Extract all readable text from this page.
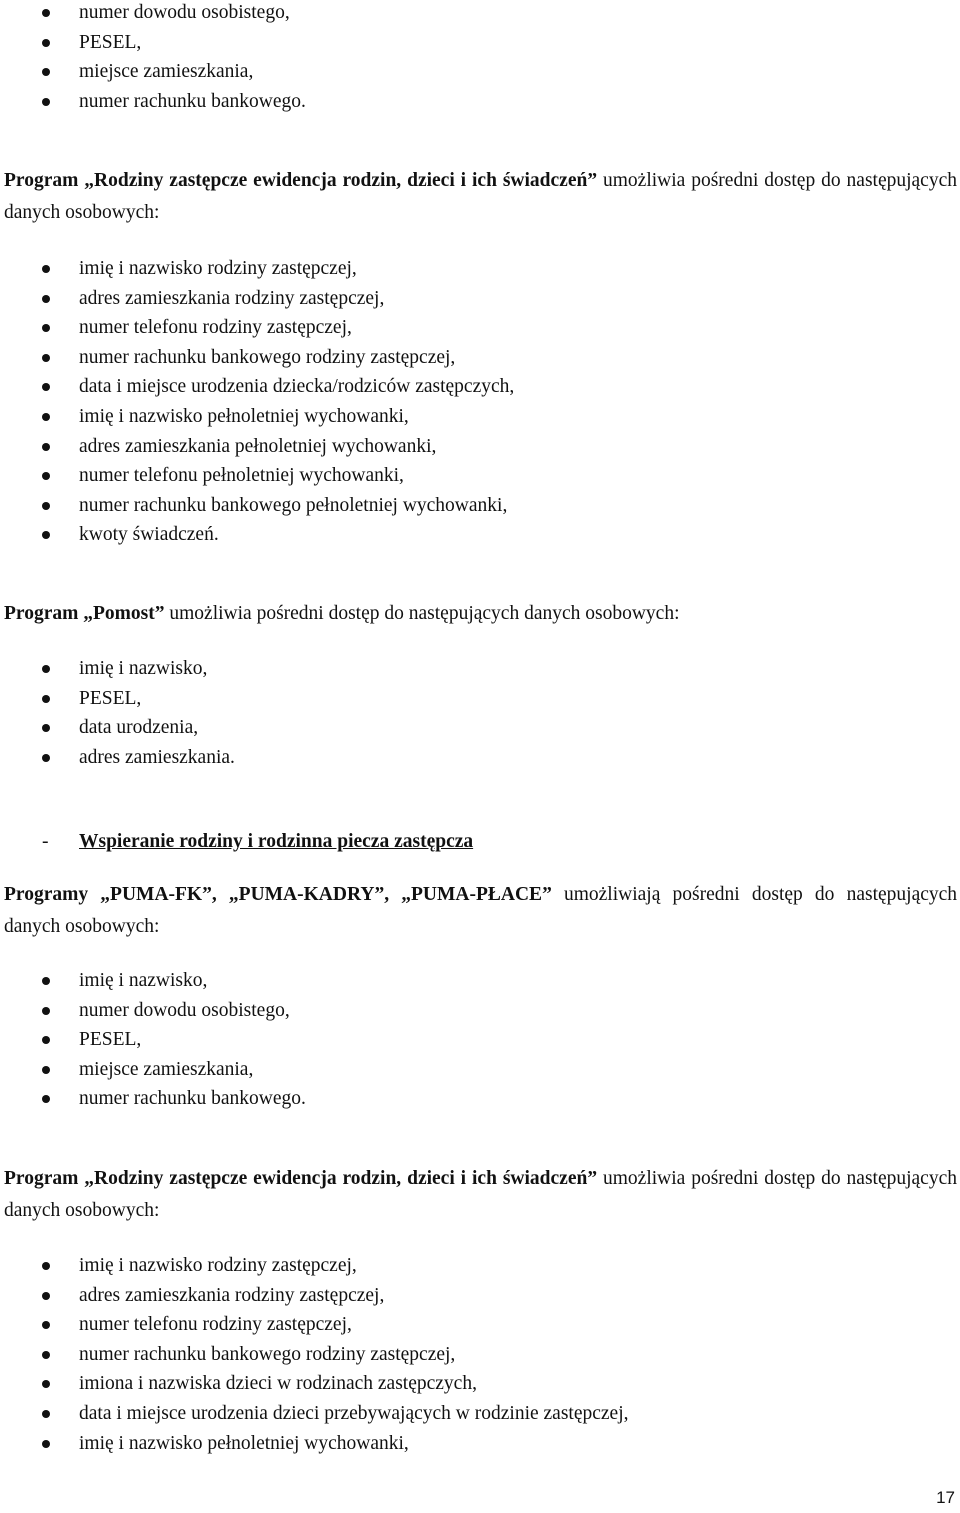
numer dowodu osobistego,
PESEL,
miejsce zamieszkania,
numer rachunku bankowego.

Program „Rodziny zastępcze ewidencja rodzin, dzieci i ich świadczeń” umożliwia pośredni dostęp do następujących danych osobowych:

imię i nazwisko rodziny zastępczej,
adres zamieszkania rodziny zastępczej,
numer telefonu rodziny zastępczej,
numer rachunku bankowego rodziny zastępczej,
data i miejsce urodzenia dziecka/rodziców zastępczych,
imię i nazwisko pełnoletniej wychowanki,
adres zamieszkania pełnoletniej wychowanki,
numer telefonu pełnoletniej wychowanki,
numer rachunku bankowego pełnoletniej wychowanki,
kwoty świadczeń.

Program „Pomost” umożliwia pośredni dostęp do następujących danych osobowych:

imię i nazwisko,
PESEL,
data urodzenia,
adres zamieszkania.
- Wspieranie rodziny i rodzinna piecza zastępcza

Programy „PUMA-FK”, „PUMA-KADRY”, „PUMA-PŁACE” umożliwiają pośredni dostęp do następujących danych osobowych:

imię i nazwisko,
numer dowodu osobistego,
PESEL,
miejsce zamieszkania,
numer rachunku bankowego.

Program „Rodziny zastępcze ewidencja rodzin, dzieci i ich świadczeń” umożliwia pośredni dostęp do następujących danych osobowych:

imię i nazwisko rodziny zastępczej,
adres zamieszkania rodziny zastępczej,
numer telefonu rodziny zastępczej,
numer rachunku bankowego rodziny zastępczej,
imiona i nazwiska dzieci w rodzinach zastępczych,
data i miejsce urodzenia dzieci przebywających w rodzinie zastępczej,
imię i nazwisko pełnoletniej wychowanki,
17
